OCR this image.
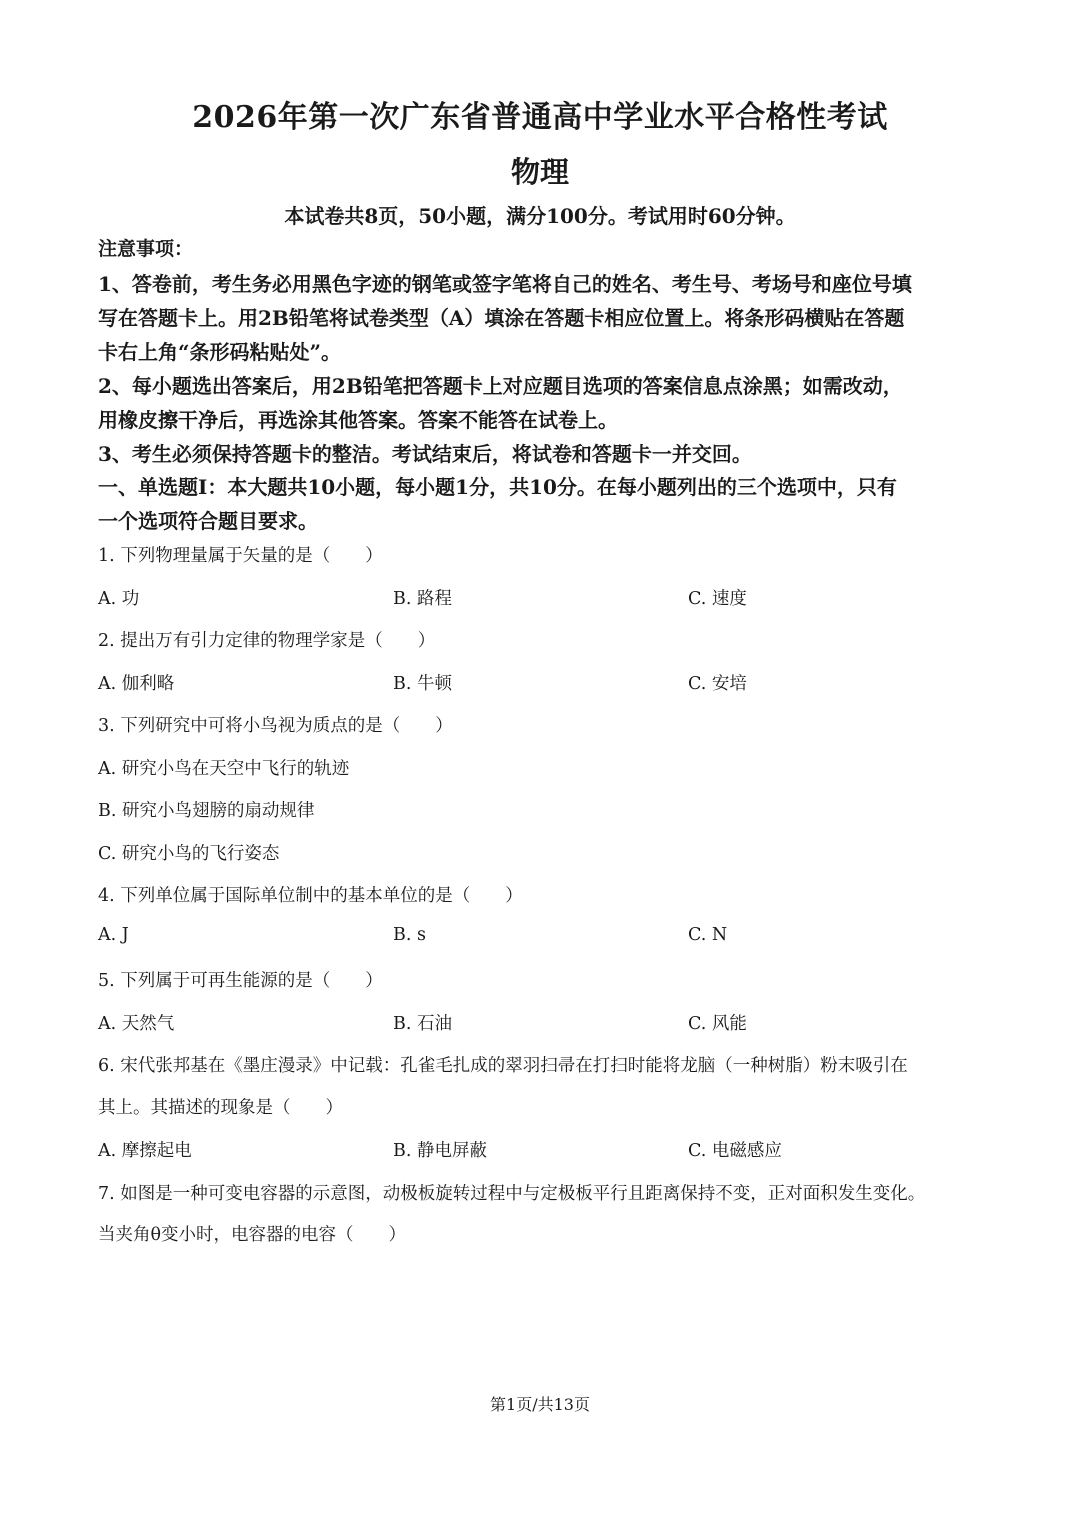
2026年第一次广东省普通高中学业水平合格性考试
物理
本试卷共8页，50小题，满分100分。考试用时60分钟。
注意事项：
1、答卷前，考生务必用黑色字迹的钢笔或签字笔将自己的姓名、考生号、考场号和座位号填
写在答题卡上。用2B铅笔将试卷类型（A）填涂在答题卡相应位置上。将条形码横贴在答题
卡右上角“条形码粘贴处”。
2、每小题选出答案后，用2B铅笔把答题卡上对应题目选项的答案信息点涂黑；如需改动，
用橡皮擦干净后，再选涂其他答案。答案不能答在试卷上。
3、考生必须保持答题卡的整洁。考试结束后，将试卷和答题卡一并交回。
一、单选题I：本大题共10小题，每小题1分，共10分。在每小题列出的三个选项中，只有
一个选项符合题目要求。
1. 下列物理量属于矢量的是（　　）
A. 功	B. 路程	C. 速度
2. 提出万有引力定律的物理学家是（　　）
A. 伽利略	B. 牛顿	C. 安培
3. 下列研究中可将小鸟视为质点的是（　　）
A. 研究小鸟在天空中飞行的轨迹
B. 研究小鸟翅膀的扇动规律
C. 研究小鸟的飞行姿态
4. 下列单位属于国际单位制中的基本单位的是（　　）
A. J	B. s	C. N
5. 下列属于可再生能源的是（　　）
A. 天然气	B. 石油	C. 风能
6. 宋代张邦基在《墨庄漫录》中记载：孔雀毛扎成的翠羽扫帚在打扫时能将龙脑（一种树脂）粉末吸引在
其上。其描述的现象是（　　）
A. 摩擦起电	B. 静电屏蔽	C. 电磁感应
7. 如图是一种可变电容器的示意图，动极板旋转过程中与定极板平行且距离保持不变，正对面积发生变化。
当夹角θ变小时，电容器的电容（　　）
第1页/共13页
